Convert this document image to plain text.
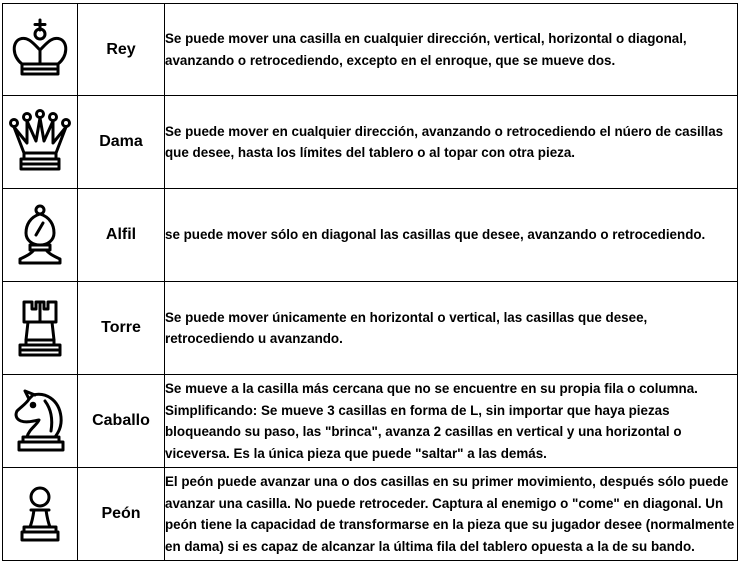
	Rey	Se puede mover una casilla en cualquier dirección, vertical, horizontal o diagonal, avanzando o retrocediendo, excepto en el enroque, que se mueve dos.

	Dama	Se puede mover en cualquier dirección, avanzando o retrocediendo el núero de casillas que desee, hasta los límites del tablero o al topar con otra pieza.

	Alfil	se puede mover sólo en diagonal las casillas que desee, avanzando o retrocediendo.

	Torre	Se puede mover únicamente en horizontal o vertical, las casillas que desee, retrocediendo u avanzando.

	Caballo	Se mueve a la casilla más cercana que no se encuentre en su propia fila o columna. Simplificando: Se mueve 3 casillas en forma de L, sin importar que haya piezas bloqueando su paso, las "brinca", avanza 2 casillas en vertical y una horizontal o viceversa. Es la única pieza que puede "saltar" a las demás.

	Peón	El peón puede avanzar una o dos casillas en su primer movimiento, después sólo puede avanzar una casilla. No puede retroceder. Captura al enemigo o "come" en diagonal. Un peón tiene la capacidad de transformarse en la pieza que su jugador desee (normalmente en dama) si es capaz de alcanzar la última fila del tablero opuesta a la de su bando.
